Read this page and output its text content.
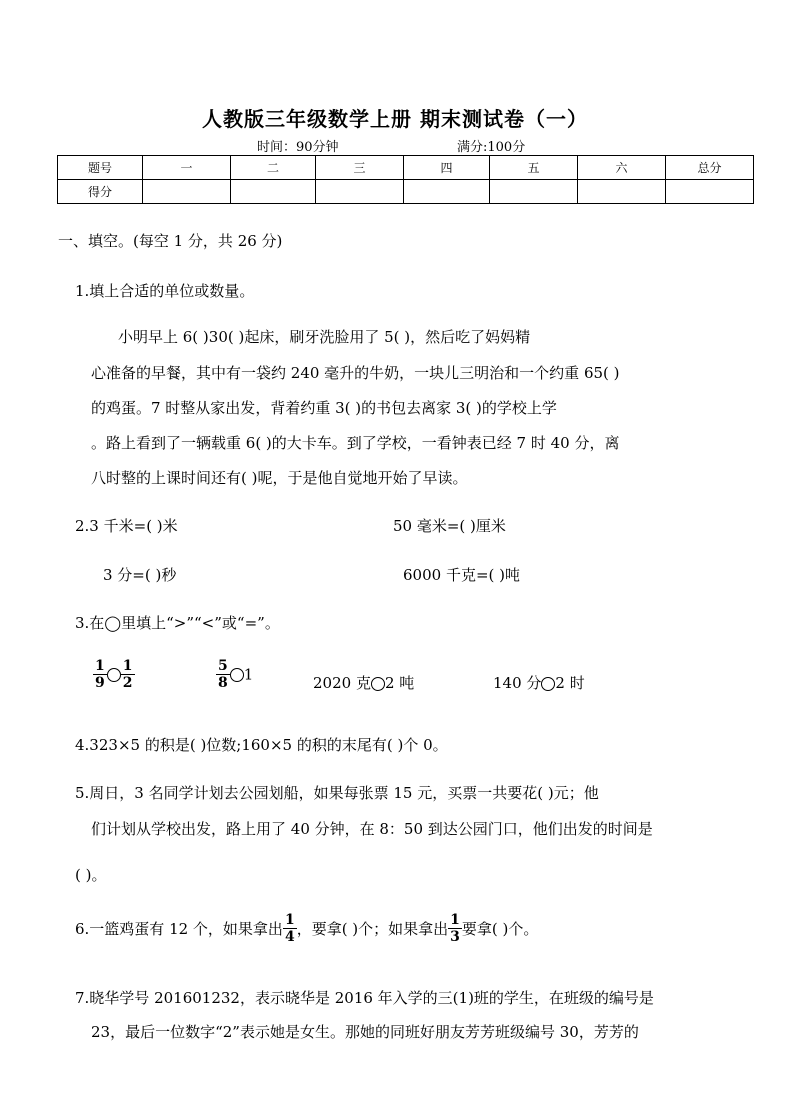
人教版三年级数学上册 期末测试卷（一）
时间：90分钟	满分:100分
题号	一	二	三	四	五	六	总分
得分							
一、填空。(每空 1 分，共 26 分)
1.填上合适的单位或数量。
小明早上 6( )30( )起床，刷牙洗脸用了 5( )，然后吃了妈妈精
心准备的早餐，其中有一袋约 240 毫升的牛奶，一块儿三明治和一个约重 65( )
的鸡蛋。7 时整从家出发，背着约重 3( )的书包去离家 3( )的学校上学
。路上看到了一辆载重 6( )的大卡车。到了学校，一看钟表已经 7 时 40 分，离
八时整的上课时间还有( )呢，于是他自觉地开始了早读。
2.3 千米=( )米	50 毫米=( )厘米
3 分=( )秒	6000 千克=( )吨
3.在◯里填上“>”“<”或“=”。
$\frac{1}{9} \frac{1}{2}$	$\frac{5}{8} 1$	2020 克 2 吨	140 分 2 时
4.323×5 的积是( )位数;160×5 的积的末尾有( )个 0。
5.周日，3 名同学计划去公园划船，如果每张票 15 元，买票一共要花( )元；他
们计划从学校出发，路上用了 40 分钟，在 8：50 到达公园门口，他们出发的时间是
( )。
6.一篮鸡蛋有 12 个，如果拿出 $\frac{1}{4}$ ，要拿( )个；如果拿出 $\frac{1}{3}$ 要拿( )个。
7.晓华学号 201601232，表示晓华是 2016 年入学的三(1)班的学生，在班级的编号是
23，最后一位数字“2”表示她是女生。那她的同班好朋友芳芳班级编号 30，芳芳的
